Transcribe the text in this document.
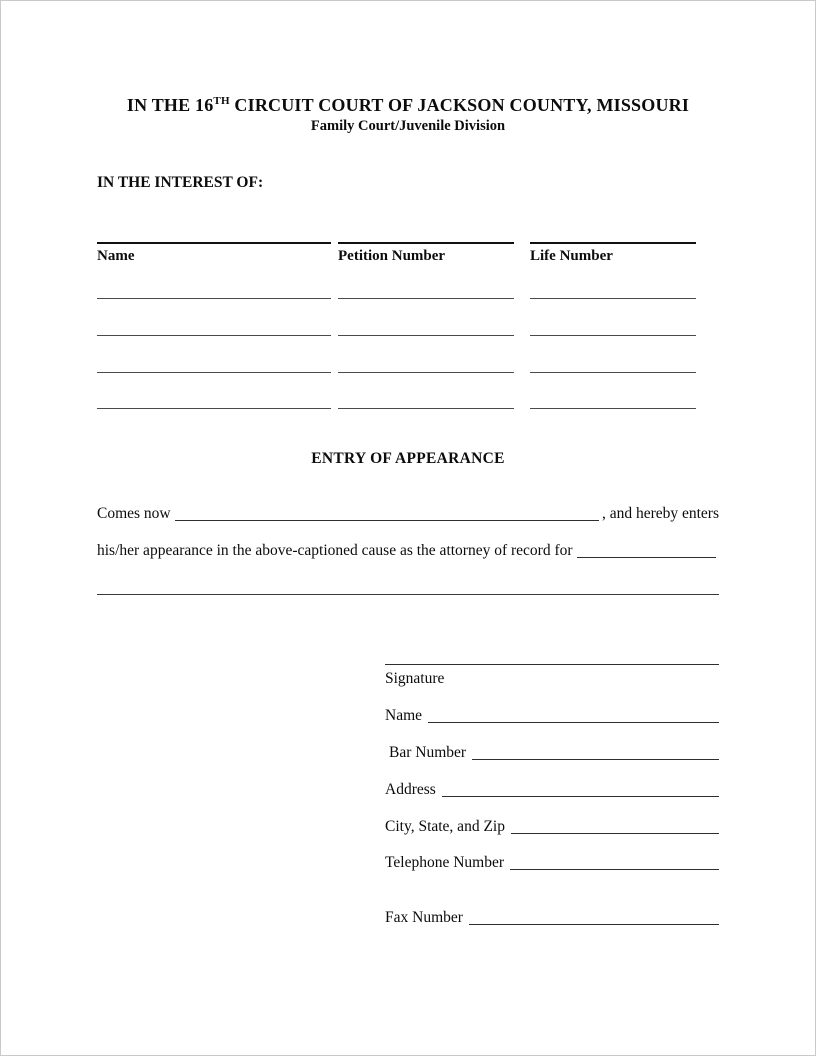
IN THE 16TH CIRCUIT COURT OF JACKSON COUNTY, MISSOURI
Family Court/Juvenile Division
IN THE INTEREST OF:
Name	Petition Number	Life Number
ENTRY OF APPEARANCE
Comes now	, and hereby enters
his/her appearance in the above-captioned cause as the attorney of record for
Signature
Name
Bar Number
Address
City, State, and Zip
Telephone Number
Fax Number
